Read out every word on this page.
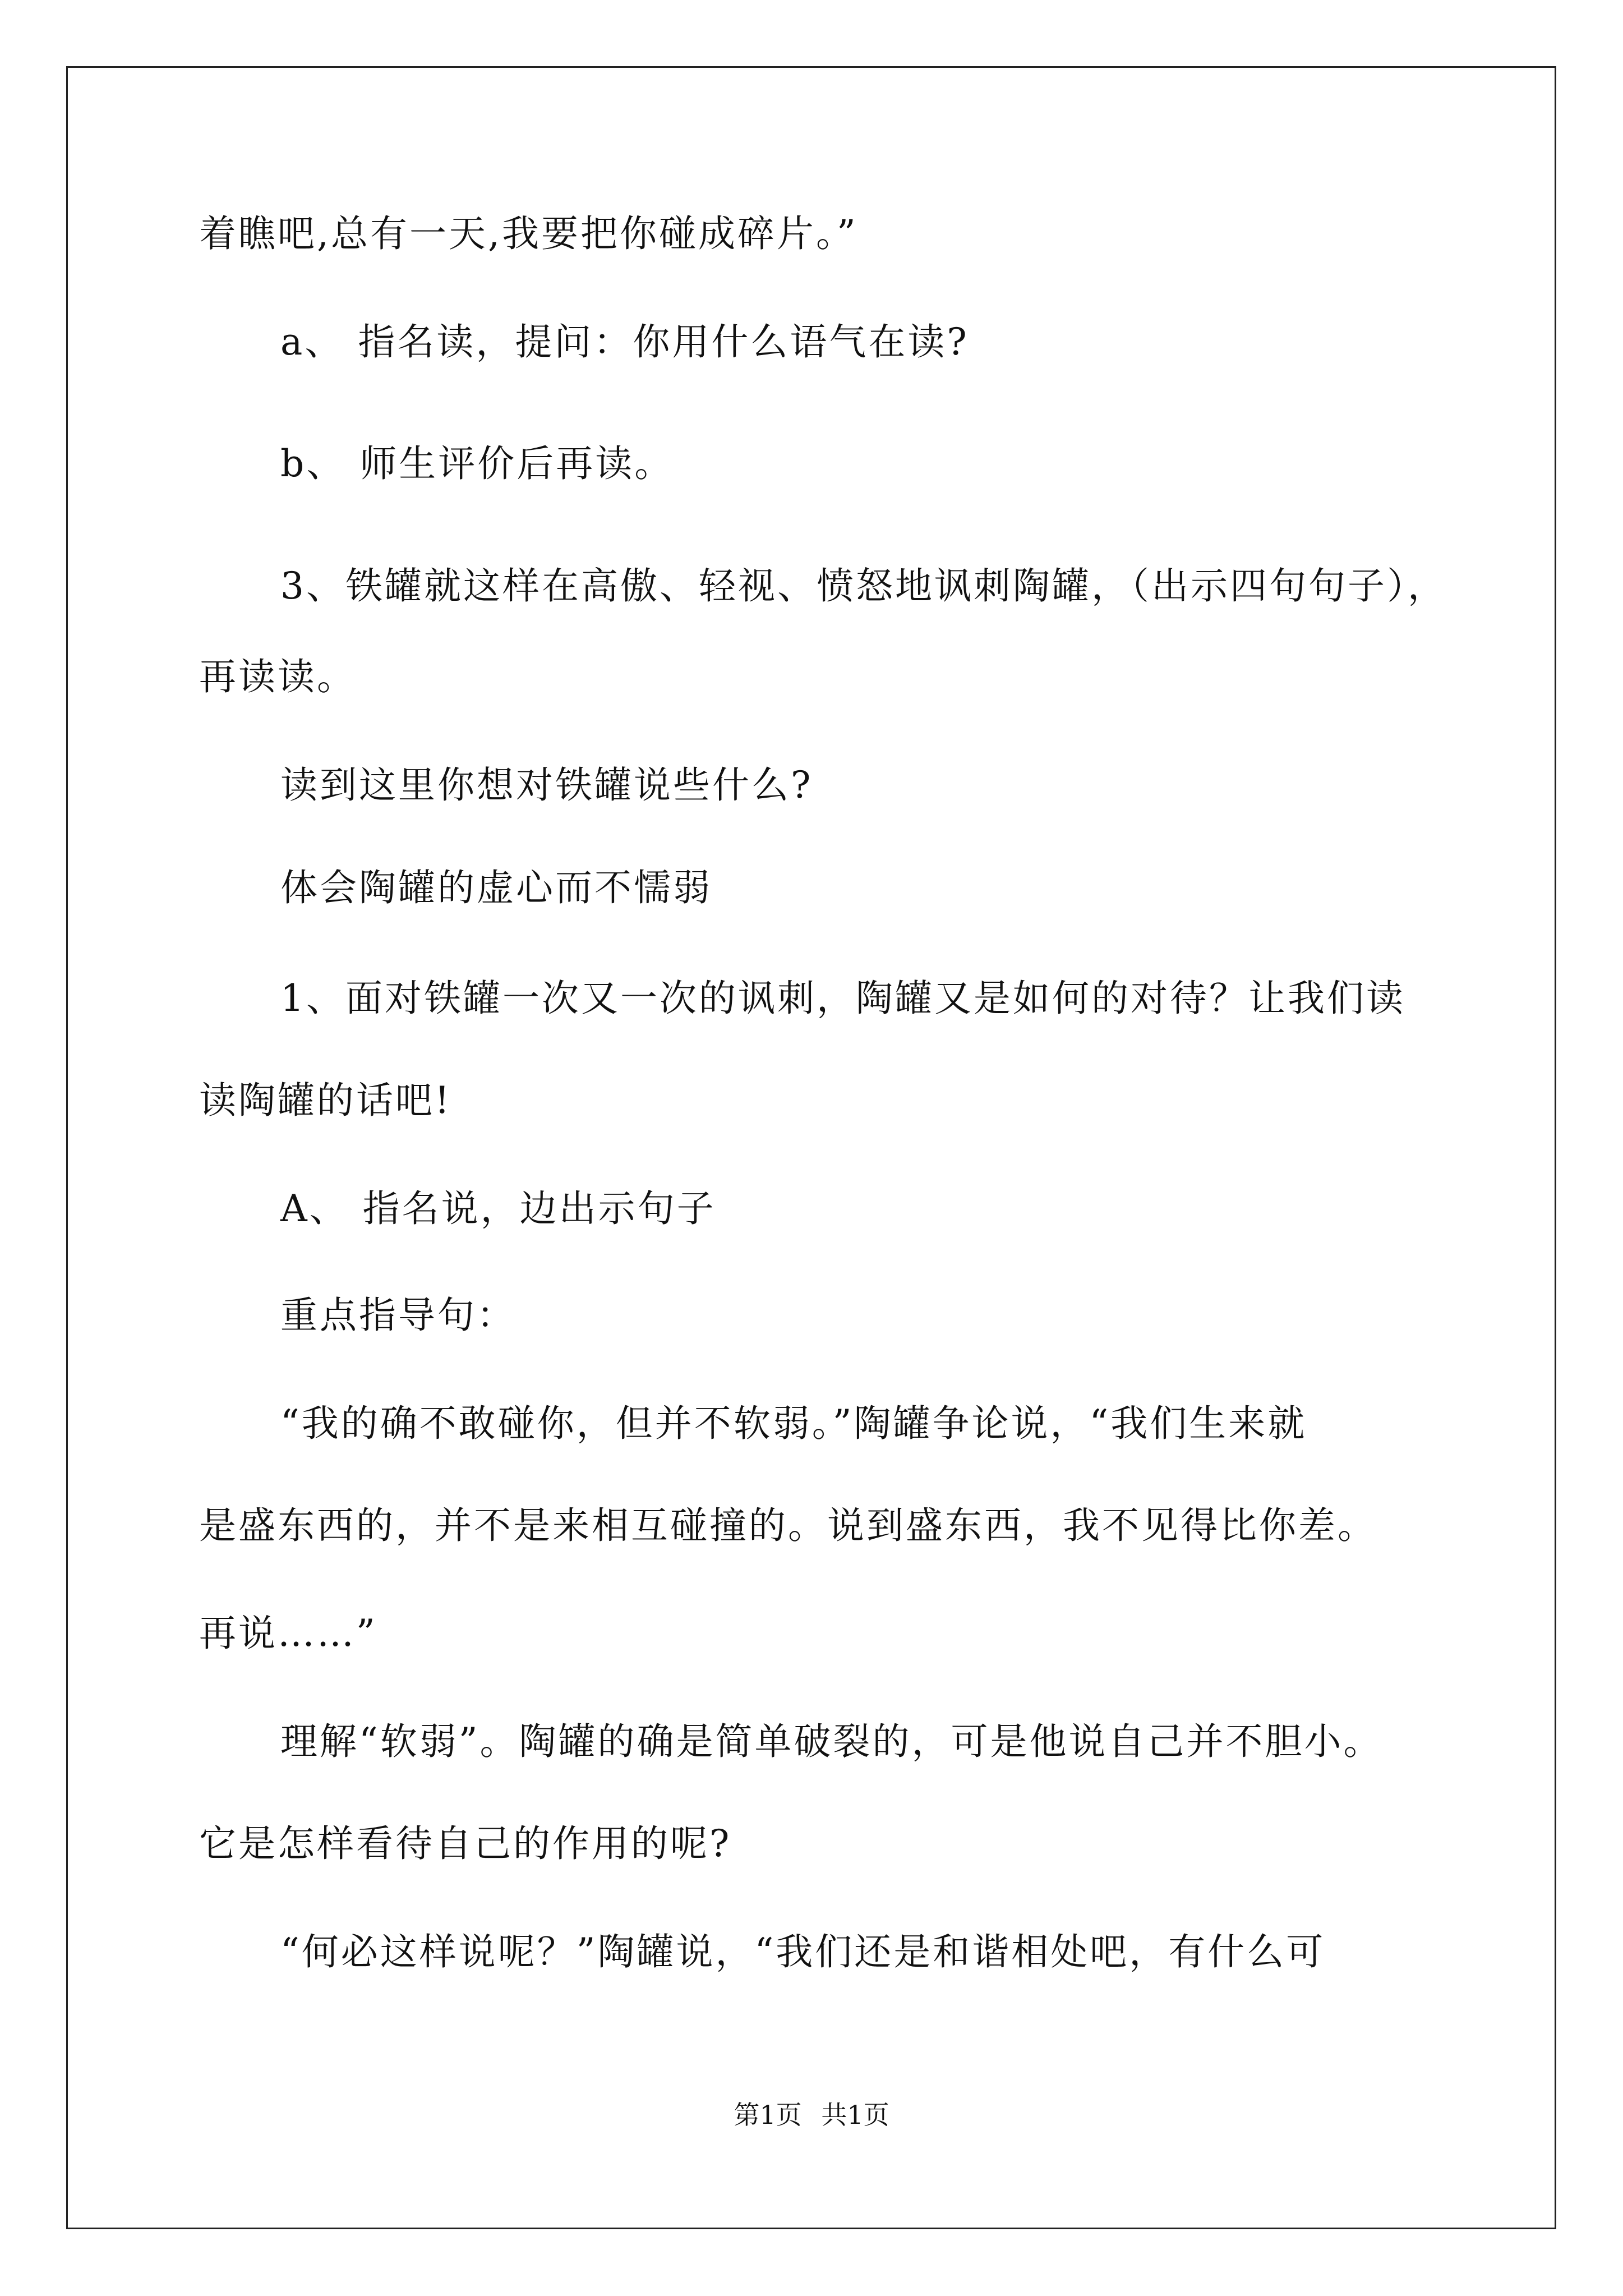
着瞧吧,总有一天,我要把你碰成碎片。”
a、 指名读，提问：你用什么语气在读?
b、 师生评价后再读。
3、铁罐就这样在高傲、轻视、愤怒地讽刺陶罐，（出示四句句子），
再读读。
读到这里你想对铁罐说些什么?
体会陶罐的虚心而不懦弱
1、面对铁罐一次又一次的讽刺，陶罐又是如何的对待？让我们读
读陶罐的话吧!
A、 指名说，边出示句子
重点指导句：
“我的确不敢碰你，但并不软弱。”陶罐争论说，“我们生来就
是盛东西的，并不是来相互碰撞的。说到盛东西，我不见得比你差。
再说……”
理解“软弱”。陶罐的确是简单破裂的，可是他说自己并不胆小。
它是怎样看待自己的作用的呢?
“何必这样说呢？”陶罐说，“我们还是和谐相处吧，有什么可
第1页 共1页
